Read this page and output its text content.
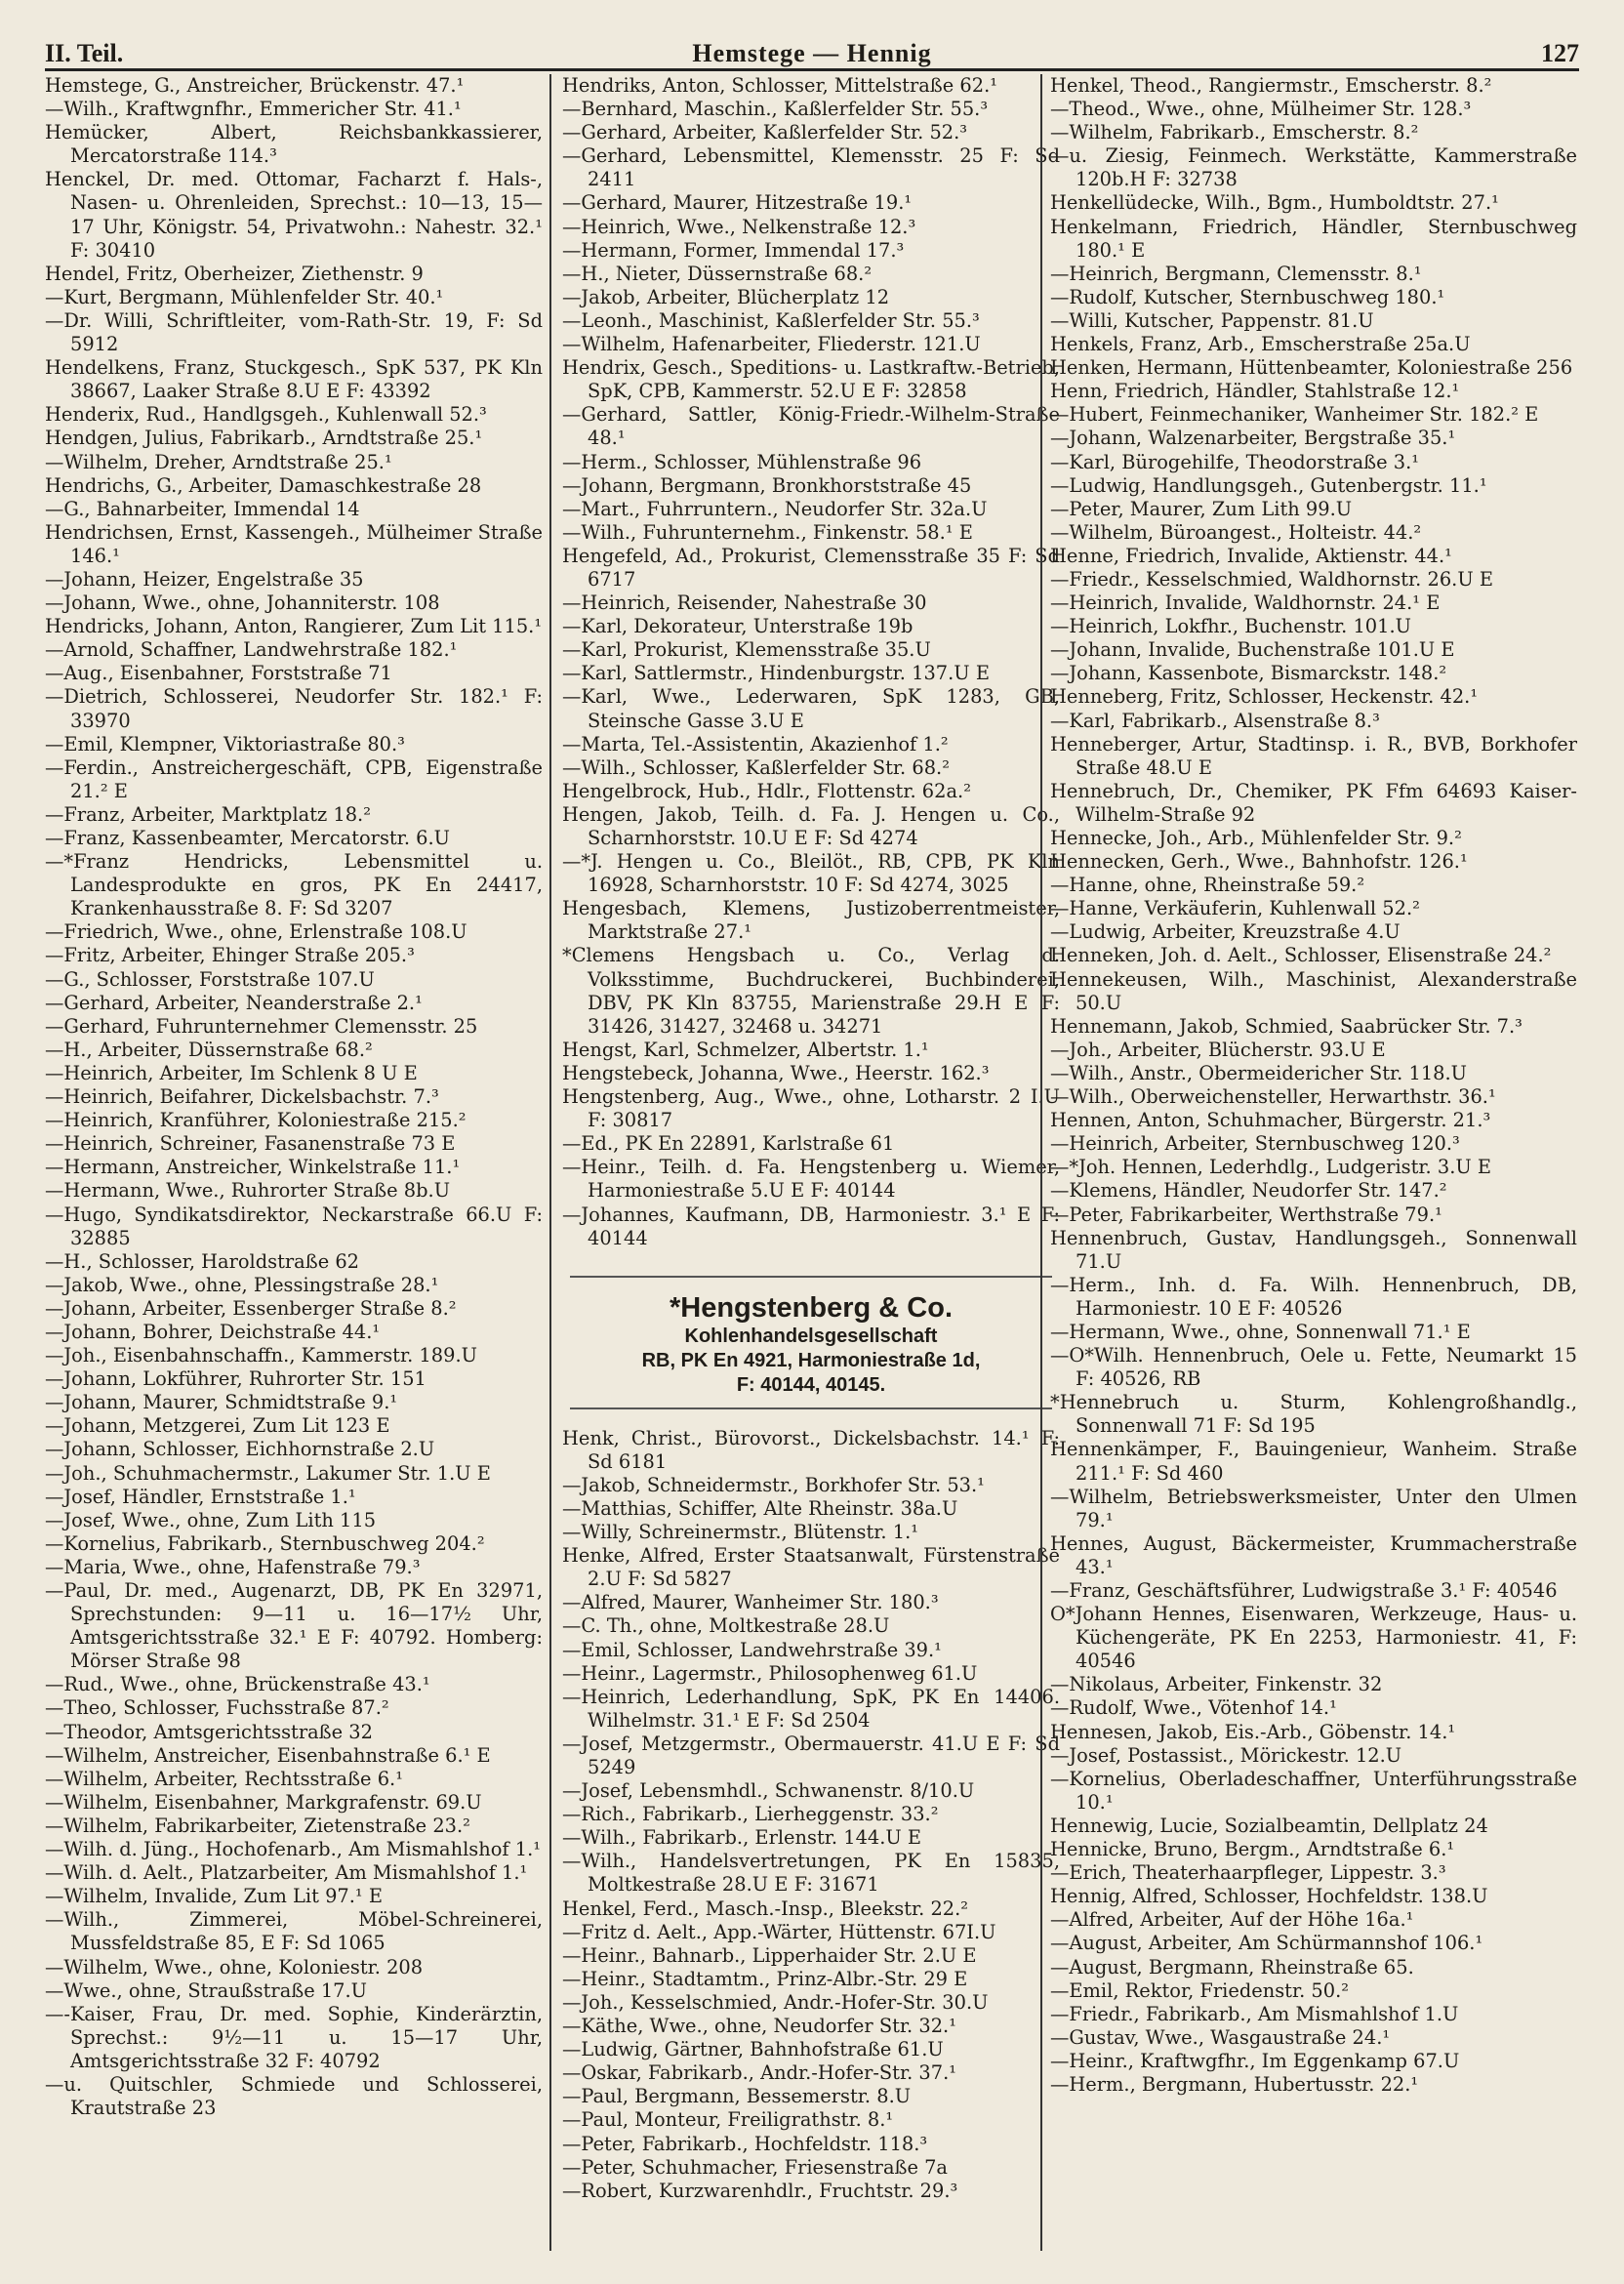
II. Teil.	Hemstege — Hennig	127

Hemstege, G., Anstreicher, Brückenstr. 47.¹

—Wilh., Kraftwgnfhr., Emmericher Str. 41.¹

Hemücker, Albert, Reichsbankkassierer, Mercatorstraße 114.³

Henckel, Dr. med. Ottomar, Facharzt f. Hals-, Nasen- u. Ohrenleiden, Sprechst.: 10—13, 15—17 Uhr, Königstr. 54, Privatwohn.: Nahestr. 32.¹ F: 30410

Hendel, Fritz, Oberheizer, Ziethenstr. 9

—Kurt, Bergmann, Mühlenfelder Str. 40.¹

—Dr. Willi, Schriftleiter, vom-Rath-Str. 19, F: Sd 5912

Hendelkens, Franz, Stuckgesch., SpK 537, PK Kln 38667, Laaker Straße 8.U E F: 43392

Henderix, Rud., Handlgsgeh., Kuhlenwall 52.³

Hendgen, Julius, Fabrikarb., Arndtstraße 25.¹

—Wilhelm, Dreher, Arndtstraße 25.¹

Hendrichs, G., Arbeiter, Damaschkestraße 28

—G., Bahnarbeiter, Immendal 14

Hendrichsen, Ernst, Kassengeh., Mülheimer Straße 146.¹

—Johann, Heizer, Engelstraße 35

—Johann, Wwe., ohne, Johanniterstr. 108

Hendricks, Johann, Anton, Rangierer, Zum Lit 115.¹

—Arnold, Schaffner, Landwehrstraße 182.¹

—Aug., Eisenbahner, Forststraße 71

—Dietrich, Schlosserei, Neudorfer Str. 182.¹ F: 33970

—Emil, Klempner, Viktoriastraße 80.³

—Ferdin., Anstreichergeschäft, CPB, Eigenstraße 21.² E

—Franz, Arbeiter, Marktplatz 18.²

—Franz, Kassenbeamter, Mercatorstr. 6.U

—*Franz Hendricks, Lebensmittel u. Landesprodukte en gros, PK En 24417, Krankenhausstraße 8. F: Sd 3207

—Friedrich, Wwe., ohne, Erlenstraße 108.U

—Fritz, Arbeiter, Ehinger Straße 205.³

—G., Schlosser, Forststraße 107.U

—Gerhard, Arbeiter, Neanderstraße 2.¹

—Gerhard, Fuhrunternehmer Clemensstr. 25

—H., Arbeiter, Düssernstraße 68.²

—Heinrich, Arbeiter, Im Schlenk 8 U E

—Heinrich, Beifahrer, Dickelsbachstr. 7.³

—Heinrich, Kranführer, Koloniestraße 215.²

—Heinrich, Schreiner, Fasanenstraße 73 E

—Hermann, Anstreicher, Winkelstraße 11.¹

—Hermann, Wwe., Ruhrorter Straße 8b.U

—Hugo, Syndikatsdirektor, Neckarstraße 66.U F: 32885

—H., Schlosser, Haroldstraße 62

—Jakob, Wwe., ohne, Plessingstraße 28.¹

—Johann, Arbeiter, Essenberger Straße 8.²

—Johann, Bohrer, Deichstraße 44.¹

—Joh., Eisenbahnschaffn., Kammerstr. 189.U

—Johann, Lokführer, Ruhrorter Str. 151

—Johann, Maurer, Schmidtstraße 9.¹

—Johann, Metzgerei, Zum Lit 123 E

—Johann, Schlosser, Eichhornstraße 2.U

—Joh., Schuhmachermstr., Lakumer Str. 1.U E

—Josef, Händler, Ernststraße 1.¹

—Josef, Wwe., ohne, Zum Lith 115

—Kornelius, Fabrikarb., Sternbuschweg 204.²

—Maria, Wwe., ohne, Hafenstraße 79.³

—Paul, Dr. med., Augenarzt, DB, PK En 32971, Sprechstunden: 9—11 u. 16—17½ Uhr, Amtsgerichtsstraße 32.¹ E F: 40792. Homberg: Mörser Straße 98

—Rud., Wwe., ohne, Brückenstraße 43.¹

—Theo, Schlosser, Fuchsstraße 87.²

—Theodor, Amtsgerichtsstraße 32

—Wilhelm, Anstreicher, Eisenbahnstraße 6.¹ E

—Wilhelm, Arbeiter, Rechtsstraße 6.¹

—Wilhelm, Eisenbahner, Markgrafenstr. 69.U

—Wilhelm, Fabrikarbeiter, Zietenstraße 23.²

—Wilh. d. Jüng., Hochofenarb., Am Mismahlshof 1.¹

—Wilh. d. Aelt., Platzarbeiter, Am Mismahlshof 1.¹

—Wilhelm, Invalide, Zum Lit 97.¹ E

—Wilh., Zimmerei, Möbel-Schreinerei, Mussfeldstraße 85, E F: Sd 1065

—Wilhelm, Wwe., ohne, Koloniestr. 208

—Wwe., ohne, Straußstraße 17.U

—-Kaiser, Frau, Dr. med. Sophie, Kinderärztin, Sprechst.: 9½—11 u. 15—17 Uhr, Amtsgerichtsstraße 32 F: 40792

—u. Quitschler, Schmiede und Schlosserei, Krautstraße 23

Hendriks, Anton, Schlosser, Mittelstraße 62.¹

—Bernhard, Maschin., Kaßlerfelder Str. 55.³

—Gerhard, Arbeiter, Kaßlerfelder Str. 52.³

—Gerhard, Lebensmittel, Klemensstr. 25 F: Sd 2411

—Gerhard, Maurer, Hitzestraße 19.¹

—Heinrich, Wwe., Nelkenstraße 12.³

—Hermann, Former, Immendal 17.³

—H., Nieter, Düssernstraße 68.²

—Jakob, Arbeiter, Blücherplatz 12

—Leonh., Maschinist, Kaßlerfelder Str. 55.³

—Wilhelm, Hafenarbeiter, Fliederstr. 121.U

Hendrix, Gesch., Speditions- u. Lastkraftw.-Betrieb, SpK, CPB, Kammerstr. 52.U E F: 32858

—Gerhard, Sattler, König-Friedr.-Wilhelm-Straße 48.¹

—Herm., Schlosser, Mühlenstraße 96

—Johann, Bergmann, Bronkhorststraße 45

—Mart., Fuhrruntern., Neudorfer Str. 32a.U

—Wilh., Fuhrunternehm., Finkenstr. 58.¹ E

Hengefeld, Ad., Prokurist, Clemensstraße 35 F: Sd 6717

—Heinrich, Reisender, Nahestraße 30

—Karl, Dekorateur, Unterstraße 19b

—Karl, Prokurist, Klemensstraße 35.U

—Karl, Sattlermstr., Hindenburgstr. 137.U E

—Karl, Wwe., Lederwaren, SpK 1283, GB, Steinsche Gasse 3.U E

—Marta, Tel.-Assistentin, Akazienhof 1.²

—Wilh., Schlosser, Kaßlerfelder Str. 68.²

Hengelbrock, Hub., Hdlr., Flottenstr. 62a.²

Hengen, Jakob, Teilh. d. Fa. J. Hengen u. Co., Scharnhorststr. 10.U E F: Sd 4274

—*J. Hengen u. Co., Bleilöt., RB, CPB, PK Kln 16928, Scharnhorststr. 10 F: Sd 4274, 3025

Hengesbach, Klemens, Justizoberrentmeister, Marktstraße 27.¹

*Clemens Hengsbach u. Co., Verlag d. Volksstimme, Buchdruckerei, Buchbinderei, DBV, PK Kln 83755, Marienstraße 29.H E F: 31426, 31427, 32468 u. 34271

Hengst, Karl, Schmelzer, Albertstr. 1.¹

Hengstebeck, Johanna, Wwe., Heerstr. 162.³

Hengstenberg, Aug., Wwe., ohne, Lotharstr. 2 I.U F: 30817

—Ed., PK En 22891, Karlstraße 61

—Heinr., Teilh. d. Fa. Hengstenberg u. Wiemer, Harmoniestraße 5.U E F: 40144

—Johannes, Kaufmann, DB, Harmoniestr. 3.¹ E F: 40144

*Hengstenberg & Co.
Kohlenhandelsgesellschaft
RB, PK En 4921, Harmoniestraße 1d,
F: 40144, 40145.

Henk, Christ., Bürovorst., Dickelsbachstr. 14.¹ F: Sd 6181

—Jakob, Schneidermstr., Borkhofer Str. 53.¹

—Matthias, Schiffer, Alte Rheinstr. 38a.U

—Willy, Schreinermstr., Blütenstr. 1.¹

Henke, Alfred, Erster Staatsanwalt, Fürstenstraße 2.U F: Sd 5827

—Alfred, Maurer, Wanheimer Str. 180.³

—C. Th., ohne, Moltkestraße 28.U

—Emil, Schlosser, Landwehrstraße 39.¹

—Heinr., Lagermstr., Philosophenweg 61.U

—Heinrich, Lederhandlung, SpK, PK En 14406. Wilhelmstr. 31.¹ E F: Sd 2504

—Josef, Metzgermstr., Obermauerstr. 41.U E F: Sd 5249

—Josef, Lebensmhdl., Schwanenstr. 8/10.U

—Rich., Fabrikarb., Lierheggenstr. 33.²

—Wilh., Fabrikarb., Erlenstr. 144.U E

—Wilh., Handelsvertretungen, PK En 15835, Moltkestraße 28.U E F: 31671

Henkel, Ferd., Masch.-Insp., Bleekstr. 22.²

—Fritz d. Aelt., App.-Wärter, Hüttenstr. 67I.U

—Heinr., Bahnarb., Lipperhaider Str. 2.U E

—Heinr., Stadtamtm., Prinz-Albr.-Str. 29 E

—Joh., Kesselschmied, Andr.-Hofer-Str. 30.U

—Käthe, Wwe., ohne, Neudorfer Str. 32.¹

—Ludwig, Gärtner, Bahnhofstraße 61.U

—Oskar, Fabrikarb., Andr.-Hofer-Str. 37.¹

—Paul, Bergmann, Bessemerstr. 8.U

—Paul, Monteur, Freiligrathstr. 8.¹

—Peter, Fabrikarb., Hochfeldstr. 118.³

—Peter, Schuhmacher, Friesenstraße 7a

—Robert, Kurzwarenhdlr., Fruchtstr. 29.³

Henkel, Theod., Rangiermstr., Emscherstr. 8.²

—Theod., Wwe., ohne, Mülheimer Str. 128.³

—Wilhelm, Fabrikarb., Emscherstr. 8.²

—u. Ziesig, Feinmech. Werkstätte, Kammerstraße 120b.H F: 32738

Henkellüdecke, Wilh., Bgm., Humboldtstr. 27.¹

Henkelmann, Friedrich, Händler, Sternbuschweg 180.¹ E

—Heinrich, Bergmann, Clemensstr. 8.¹

—Rudolf, Kutscher, Sternbuschweg 180.¹

—Willi, Kutscher, Pappenstr. 81.U

Henkels, Franz, Arb., Emscherstraße 25a.U

Henken, Hermann, Hüttenbeamter, Koloniestraße 256

Henn, Friedrich, Händler, Stahlstraße 12.¹

—Hubert, Feinmechaniker, Wanheimer Str. 182.² E

—Johann, Walzenarbeiter, Bergstraße 35.¹

—Karl, Bürogehilfe, Theodorstraße 3.¹

—Ludwig, Handlungsgeh., Gutenbergstr. 11.¹

—Peter, Maurer, Zum Lith 99.U

—Wilhelm, Büroangest., Holteistr. 44.²

Henne, Friedrich, Invalide, Aktienstr. 44.¹

—Friedr., Kesselschmied, Waldhornstr. 26.U E

—Heinrich, Invalide, Waldhornstr. 24.¹ E

—Heinrich, Lokfhr., Buchenstr. 101.U

—Johann, Invalide, Buchenstraße 101.U E

—Johann, Kassenbote, Bismarckstr. 148.²

Henneberg, Fritz, Schlosser, Heckenstr. 42.¹

—Karl, Fabrikarb., Alsenstraße 8.³

Henneberger, Artur, Stadtinsp. i. R., BVB, Borkhofer Straße 48.U E

Hennebruch, Dr., Chemiker, PK Ffm 64693 Kaiser-Wilhelm-Straße 92

Hennecke, Joh., Arb., Mühlenfelder Str. 9.²

Hennecken, Gerh., Wwe., Bahnhofstr. 126.¹

—Hanne, ohne, Rheinstraße 59.²

—Hanne, Verkäuferin, Kuhlenwall 52.²

—Ludwig, Arbeiter, Kreuzstraße 4.U

Henneken, Joh. d. Aelt., Schlosser, Elisenstraße 24.²

Hennekeusen, Wilh., Maschinist, Alexanderstraße 50.U

Hennemann, Jakob, Schmied, Saabrücker Str. 7.³

—Joh., Arbeiter, Blücherstr. 93.U E

—Wilh., Anstr., Obermeidericher Str. 118.U

—Wilh., Oberweichensteller, Herwarthstr. 36.¹

Hennen, Anton, Schuhmacher, Bürgerstr. 21.³

—Heinrich, Arbeiter, Sternbuschweg 120.³

—*Joh. Hennen, Lederhdlg., Ludgeristr. 3.U E

—Klemens, Händler, Neudorfer Str. 147.²

—Peter, Fabrikarbeiter, Werthstraße 79.¹

Hennenbruch, Gustav, Handlungsgeh., Sonnenwall 71.U

—Herm., Inh. d. Fa. Wilh. Hennenbruch, DB, Harmoniestr. 10 E F: 40526

—Hermann, Wwe., ohne, Sonnenwall 71.¹ E

—O*Wilh. Hennenbruch, Oele u. Fette, Neumarkt 15 F: 40526, RB

*Hennebruch u. Sturm, Kohlengroßhandlg., Sonnenwall 71 F: Sd 195

Hennenkämper, F., Bauingenieur, Wanheim. Straße 211.¹ F: Sd 460

—Wilhelm, Betriebswerksmeister, Unter den Ulmen 79.¹

Hennes, August, Bäckermeister, Krummacherstraße 43.¹

—Franz, Geschäftsführer, Ludwigstraße 3.¹ F: 40546

O*Johann Hennes, Eisenwaren, Werkzeuge, Haus- u. Küchengeräte, PK En 2253, Harmoniestr. 41, F: 40546

—Nikolaus, Arbeiter, Finkenstr. 32

—Rudolf, Wwe., Vötenhof 14.¹

Hennesen, Jakob, Eis.-Arb., Göbenstr. 14.¹

—Josef, Postassist., Mörickestr. 12.U

—Kornelius, Oberladeschaffner, Unterführungsstraße 10.¹

Hennewig, Lucie, Sozialbeamtin, Dellplatz 24

Hennicke, Bruno, Bergm., Arndtstraße 6.¹

—Erich, Theaterhaarpfleger, Lippestr. 3.³

Hennig, Alfred, Schlosser, Hochfeldstr. 138.U

—Alfred, Arbeiter, Auf der Höhe 16a.¹

—August, Arbeiter, Am Schürmannshof 106.¹

—August, Bergmann, Rheinstraße 65.

—Emil, Rektor, Friedenstr. 50.²

—Friedr., Fabrikarb., Am Mismahlshof 1.U

—Gustav, Wwe., Wasgaustraße 24.¹

—Heinr., Kraftwgfhr., Im Eggenkamp 67.U

—Herm., Bergmann, Hubertusstr. 22.¹
